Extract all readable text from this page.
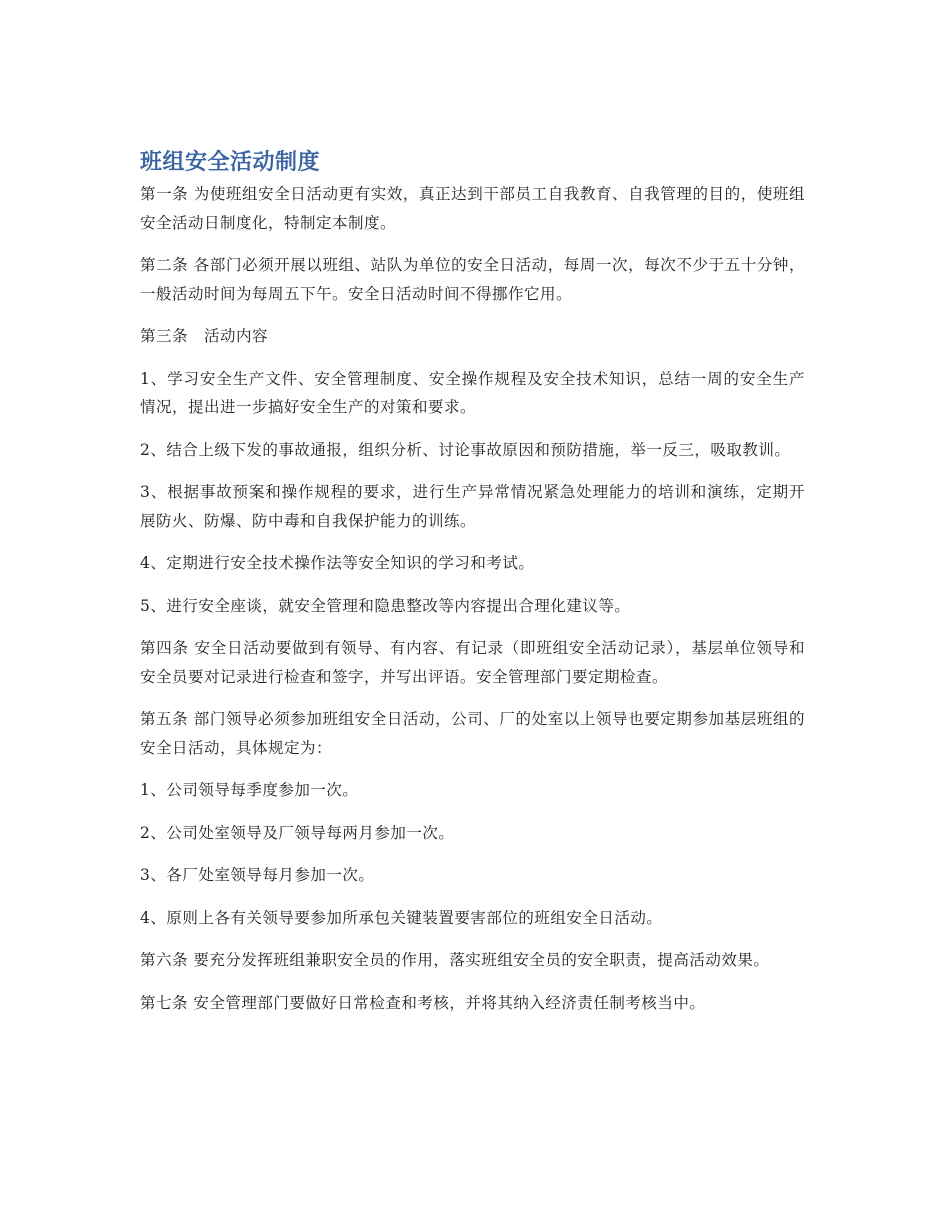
班组安全活动制度

第一条 为使班组安全日活动更有实效，真正达到干部员工自我教育、自我管理的目的，使班组安全活动日制度化，特制定本制度。

第二条 各部门必须开展以班组、站队为单位的安全日活动，每周一次，每次不少于五十分钟，一般活动时间为每周五下午。安全日活动时间不得挪作它用。

第三条　活动内容

1、学习安全生产文件、安全管理制度、安全操作规程及安全技术知识，总结一周的安全生产情况，提出进一步搞好安全生产的对策和要求。

2、结合上级下发的事故通报，组织分析、讨论事故原因和预防措施，举一反三，吸取教训。

3、根据事故预案和操作规程的要求，进行生产异常情况紧急处理能力的培训和演练，定期开展防火、防爆、防中毒和自我保护能力的训练。

4、定期进行安全技术操作法等安全知识的学习和考试。

5、进行安全座谈，就安全管理和隐患整改等内容提出合理化建议等。

第四条 安全日活动要做到有领导、有内容、有记录（即班组安全活动记录），基层单位领导和安全员要对记录进行检查和签字，并写出评语。安全管理部门要定期检查。

第五条 部门领导必须参加班组安全日活动，公司、厂的处室以上领导也要定期参加基层班组的安全日活动，具体规定为：

1、公司领导每季度参加一次。

2、公司处室领导及厂领导每两月参加一次。

3、各厂处室领导每月参加一次。

4、原则上各有关领导要参加所承包关键装置要害部位的班组安全日活动。

第六条 要充分发挥班组兼职安全员的作用，落实班组安全员的安全职责，提高活动效果。

第七条 安全管理部门要做好日常检查和考核，并将其纳入经济责任制考核当中。
